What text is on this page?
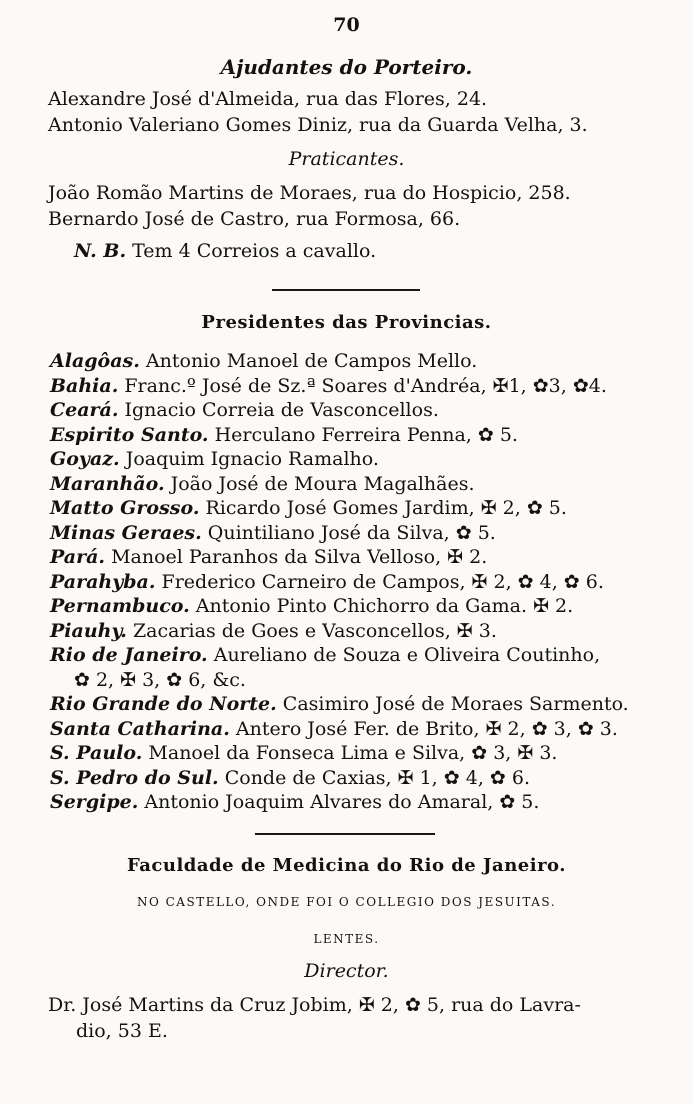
70
Ajudantes do Porteiro.
Alexandre José d'Almeida, rua das Flores, 24.
Antonio Valeriano Gomes Diniz, rua da Guarda Velha, 3.
Praticantes.
João Romão Martins de Moraes, rua do Hospicio, 258.
Bernardo José de Castro, rua Formosa, 66.
N. B. Tem 4 Correios a cavallo.
Presidentes das Provincias.
Alagôas. Antonio Manoel de Campos Mello.
Bahia. Franc.º José de Sz.ª Soares d'Andréa, ✠1, ✿3, ✿4.
Ceará. Ignacio Correia de Vasconcellos.
Espirito Santo. Herculano Ferreira Penna, ✿ 5.
Goyaz. Joaquim Ignacio Ramalho.
Maranhão. João José de Moura Magalhães.
Matto Grosso. Ricardo José Gomes Jardim, ✠ 2, ✿ 5.
Minas Geraes. Quintiliano José da Silva, ✿ 5.
Pará. Manoel Paranhos da Silva Velloso, ✠ 2.
Parahyba. Frederico Carneiro de Campos, ✠ 2, ✿ 4, ✿ 6.
Pernambuco. Antonio Pinto Chichorro da Gama. ✠ 2.
Piauhy. Zacarias de Goes e Vasconcellos, ✠ 3.
Rio de Janeiro. Aureliano de Souza e Oliveira Coutinho,
✿ 2, ✠ 3, ✿ 6, &c.
Rio Grande do Norte. Casimiro José de Moraes Sarmento.
Santa Catharina. Antero José Fer. de Brito, ✠ 2, ✿ 3, ✿ 3.
S. Paulo. Manoel da Fonseca Lima e Silva, ✿ 3, ✠ 3.
S. Pedro do Sul. Conde de Caxias, ✠ 1, ✿ 4, ✿ 6.
Sergipe. Antonio Joaquim Alvares do Amaral, ✿ 5.
Faculdade de Medicina do Rio de Janeiro.
NO CASTELLO, ONDE FOI O COLLEGIO DOS JESUITAS.
LENTES.
Director.
Dr. José Martins da Cruz Jobim, ✠ 2, ✿ 5, rua do Lavra-
dio, 53 E.
